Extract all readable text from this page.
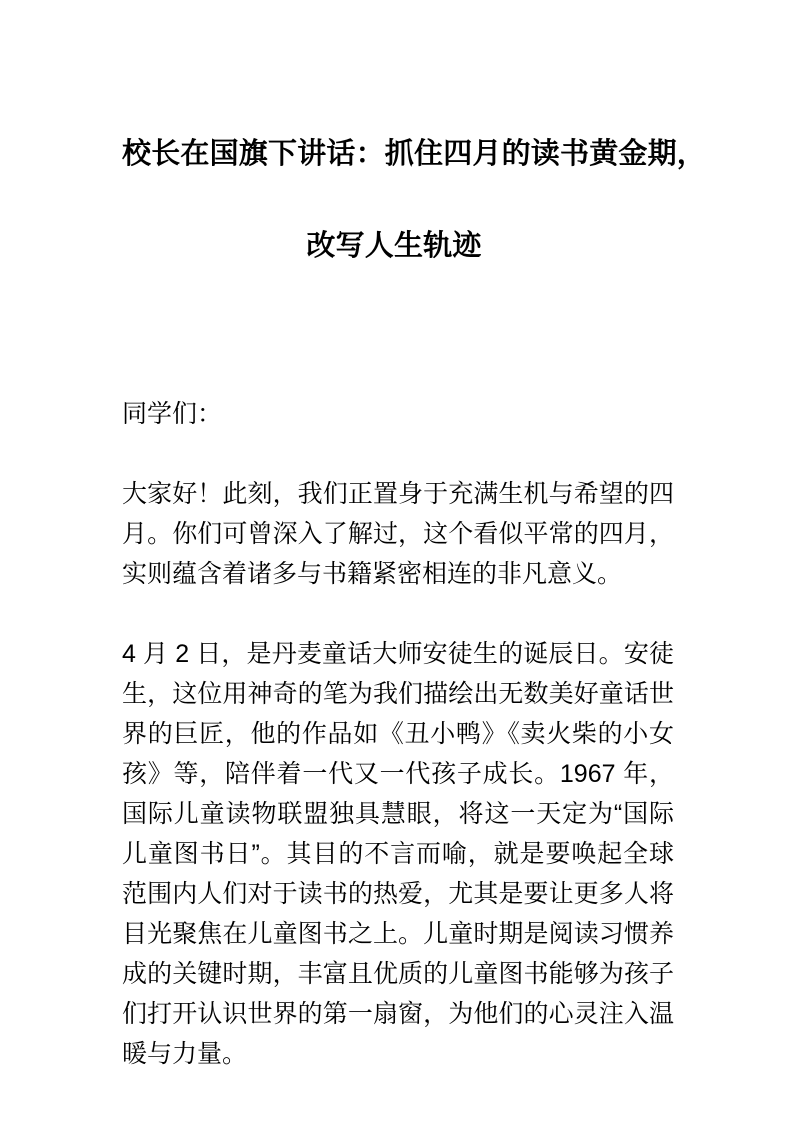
校长在国旗下讲话：抓住四月的读书黄金期，
改写人生轨迹

同学们：

大家好！此刻，我们正置身于充满生机与希望的四月。你们可曾深入了解过，这个看似平常的四月，实则蕴含着诸多与书籍紧密相连的非凡意义。

4 月 2 日，是丹麦童话大师安徒生的诞辰日。安徒生，这位用神奇的笔为我们描绘出无数美好童话世界的巨匠，他的作品如《丑小鸭》《卖火柴的小女孩》等，陪伴着一代又一代孩子成长。1967 年，国际儿童读物联盟独具慧眼，将这一天定为“国际儿童图书日”。其目的不言而喻，就是要唤起全球范围内人们对于读书的热爱，尤其是要让更多人将目光聚焦在儿童图书之上。儿童时期是阅读习惯养成的关键时期，丰富且优质的儿童图书能够为孩子们打开认识世界的第一扇窗，为他们的心灵注入温暖与力量。
